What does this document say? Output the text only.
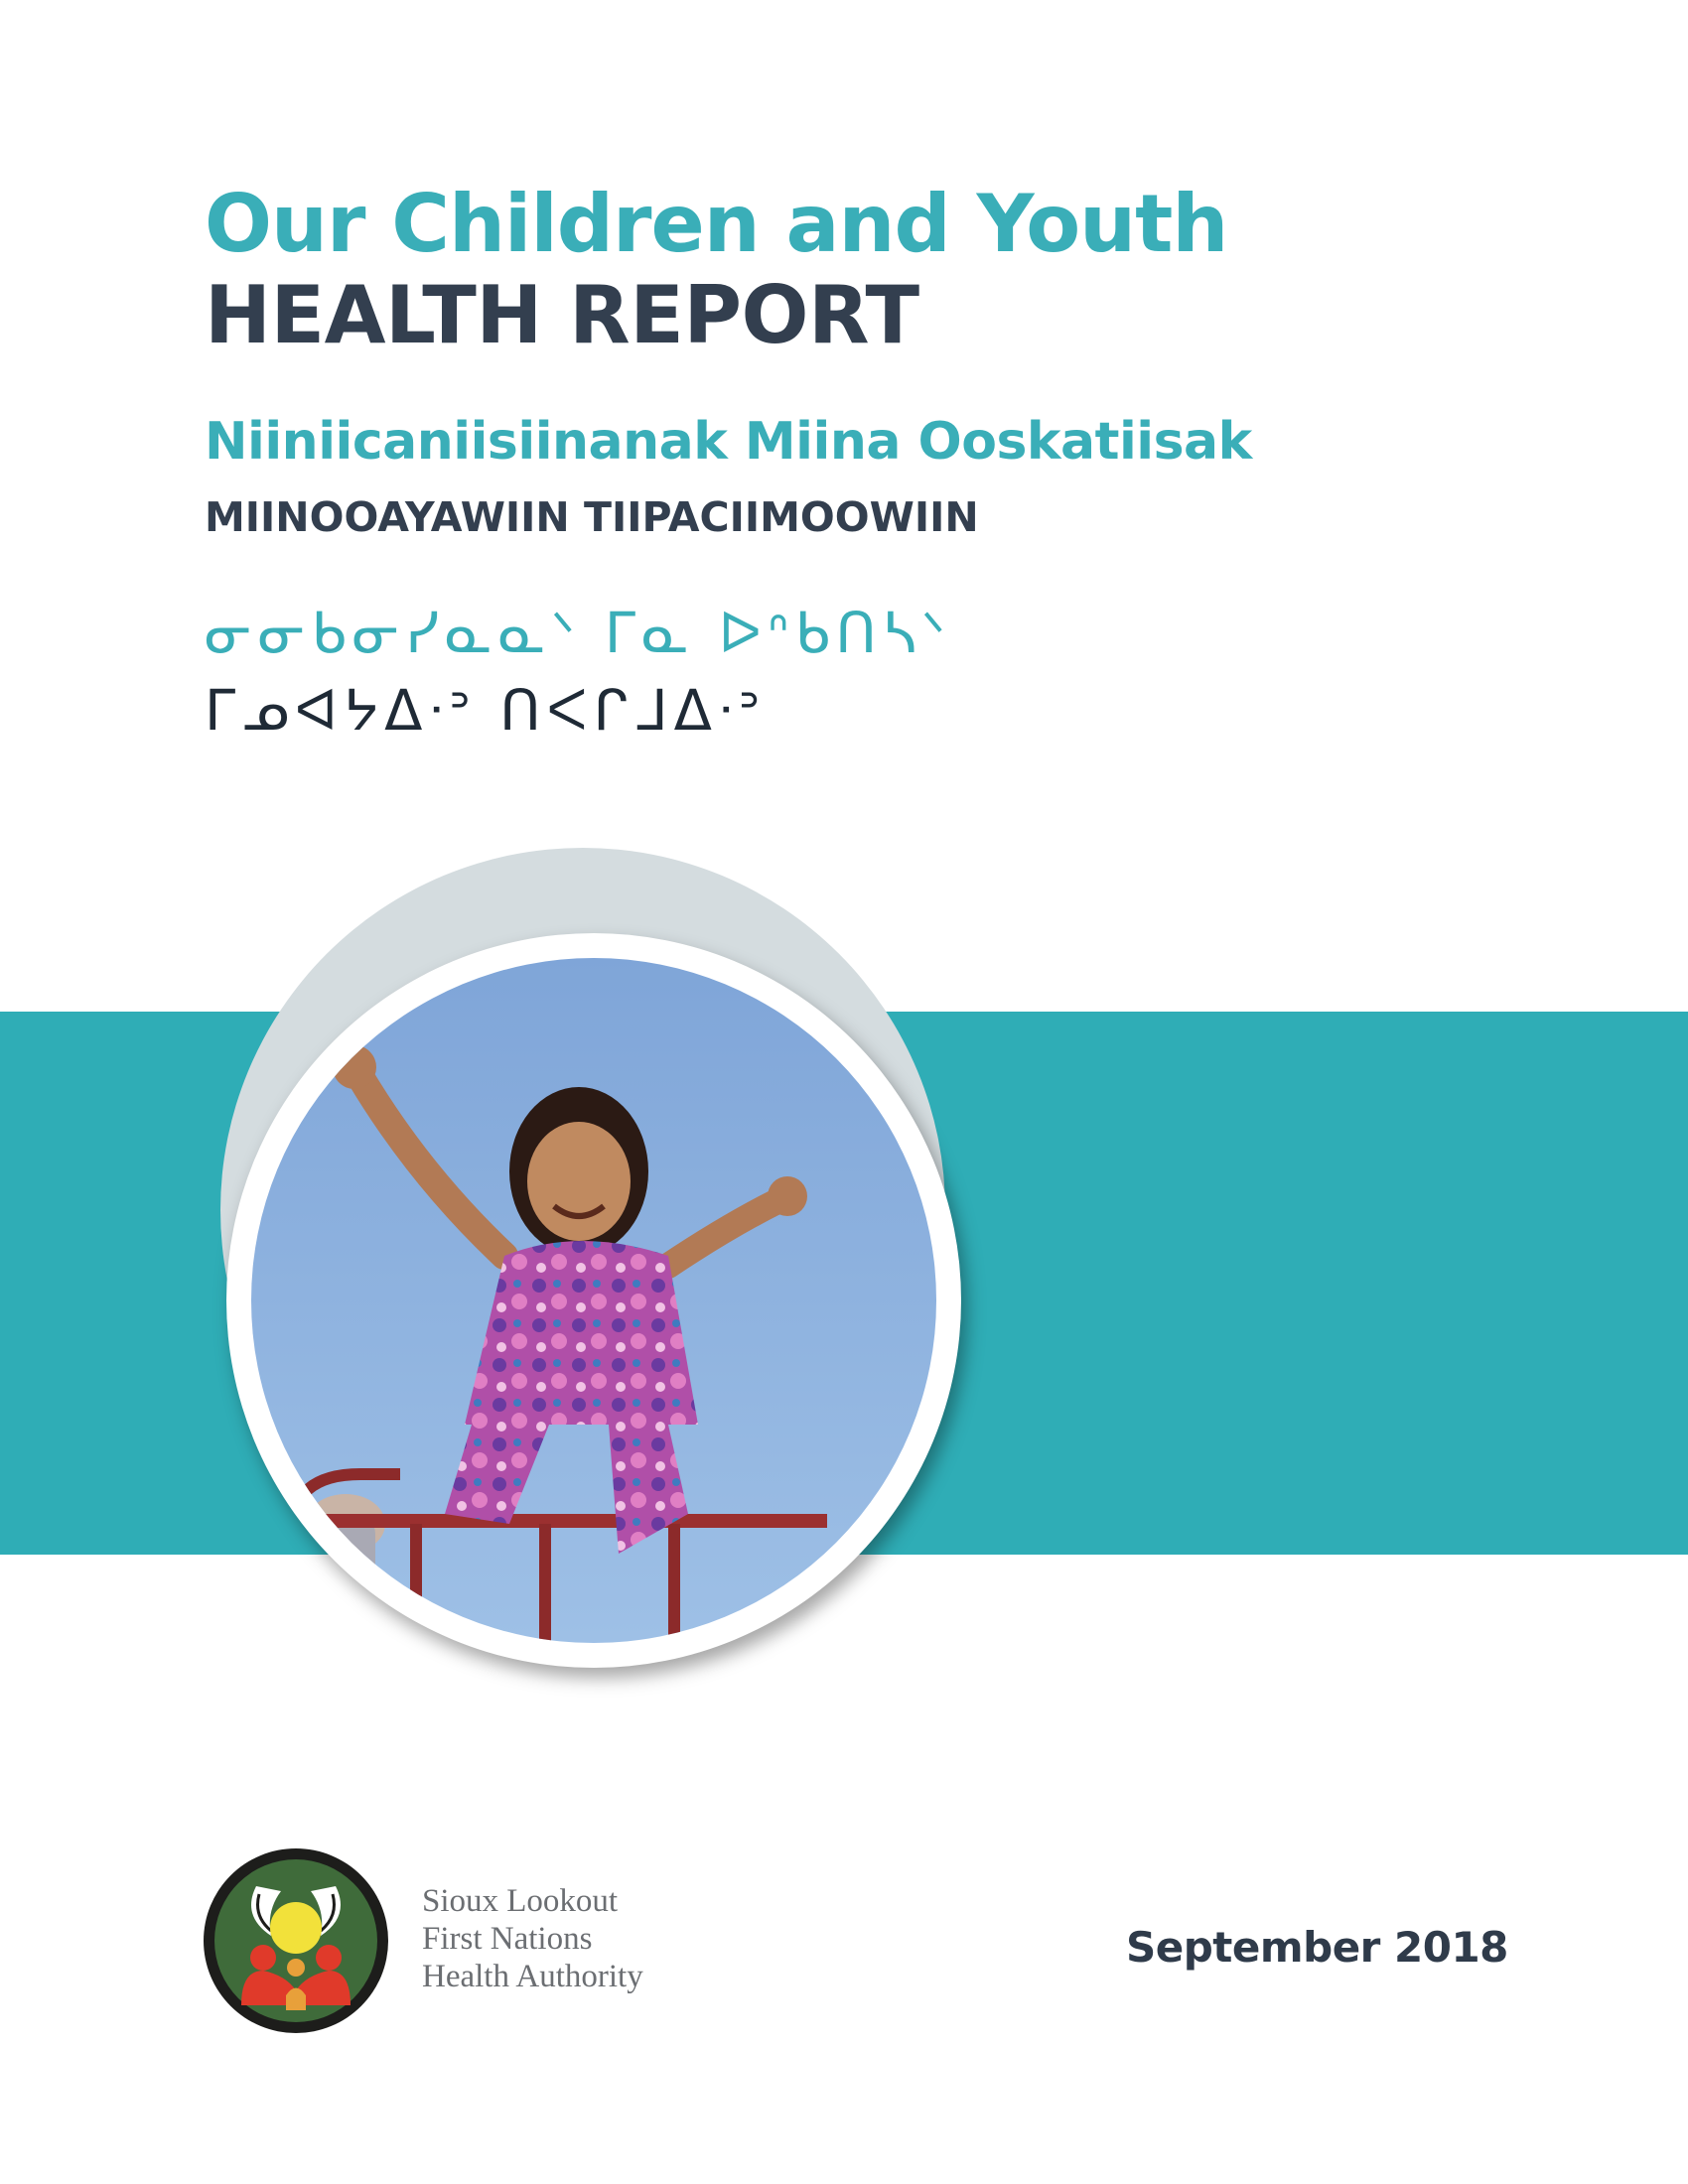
Our Children and Youth
HEALTH REPORT
Niiniicaniisiinanak Miina Ooskatiisak
MIINOOAYAWIIN TIIPACIIMOOWIIN
ᓂᓂᑲᓂᓯᓇᓇᐠ ᒥᓇ ᐅᐢᑲᑎᓴᐠ
ᒥᓄᐊᔭᐃᐧᐣ ᑎᐸᒋᒧᐃᐧᐣ
Sioux Lookout
First Nations
Health Authority
September 2018
